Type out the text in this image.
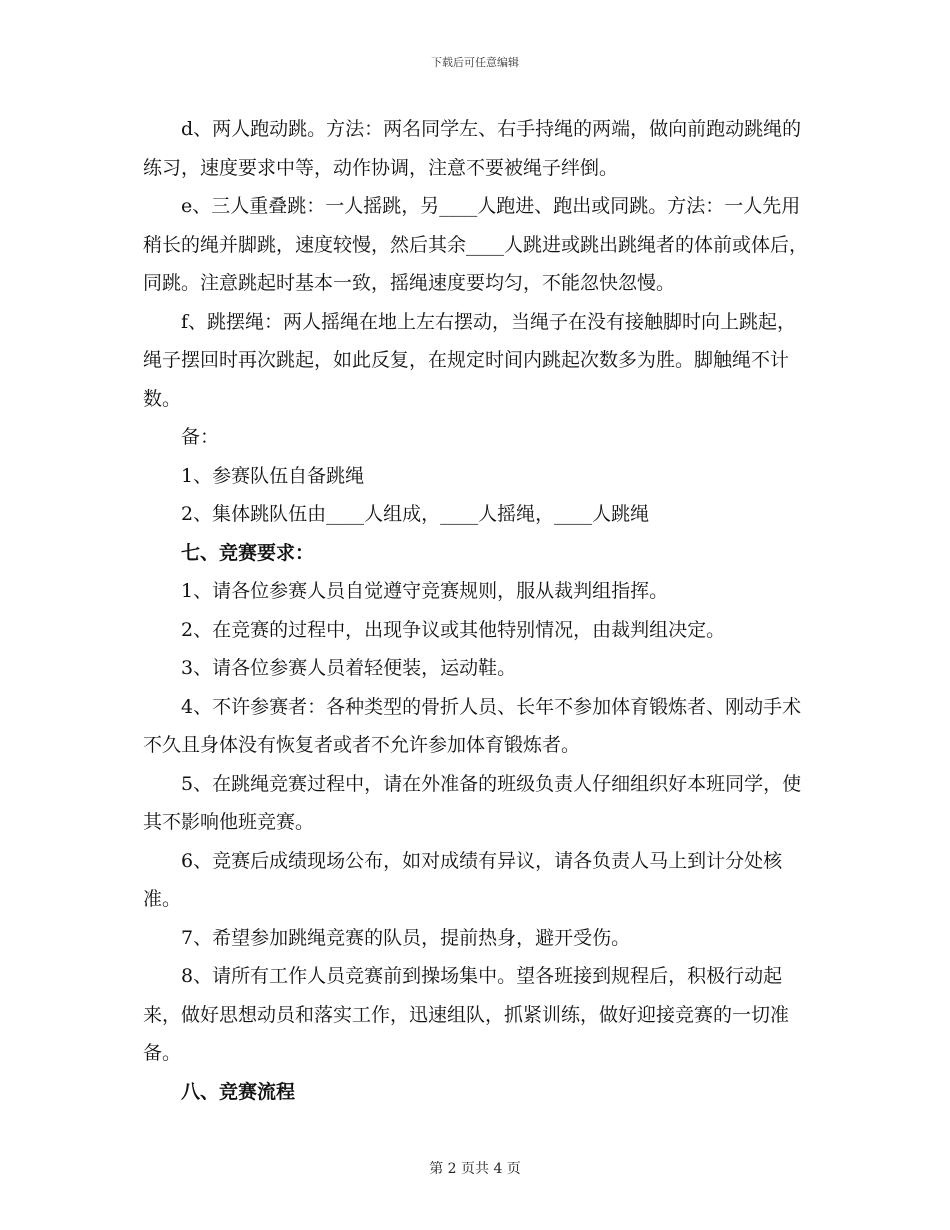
下载后可任意编辑

d、两人跑动跳。方法：两名同学左、右手持绳的两端，做向前跑动跳绳的练习，速度要求中等，动作协调，注意不要被绳子绊倒。

e、三人重叠跳：一人摇跳，另____人跑进、跑出或同跳。方法：一人先用稍长的绳并脚跳，速度较慢，然后其余____人跳进或跳出跳绳者的体前或体后，同跳。注意跳起时基本一致，摇绳速度要均匀，不能忽快忽慢。

f、跳摆绳：两人摇绳在地上左右摆动，当绳子在没有接触脚时向上跳起，绳子摆回时再次跳起，如此反复，在规定时间内跳起次数多为胜。脚触绳不计数。

备：

1、参赛队伍自备跳绳

2、集体跳队伍由____人组成，____人摇绳，____人跳绳

七、竞赛要求：

1、请各位参赛人员自觉遵守竞赛规则，服从裁判组指挥。

2、在竞赛的过程中，出现争议或其他特别情况，由裁判组决定。

3、请各位参赛人员着轻便装，运动鞋。

4、不许参赛者：各种类型的骨折人员、长年不参加体育锻炼者、刚动手术不久且身体没有恢复者或者不允许参加体育锻炼者。

5、在跳绳竞赛过程中，请在外准备的班级负责人仔细组织好本班同学，使其不影响他班竞赛。

6、竞赛后成绩现场公布，如对成绩有异议，请各负责人马上到计分处核准。

7、希望参加跳绳竞赛的队员，提前热身，避开受伤。

8、请所有工作人员竞赛前到操场集中。望各班接到规程后，积极行动起来，做好思想动员和落实工作，迅速组队，抓紧训练，做好迎接竞赛的一切准备。

八、竞赛流程

第 2 页共 4 页
